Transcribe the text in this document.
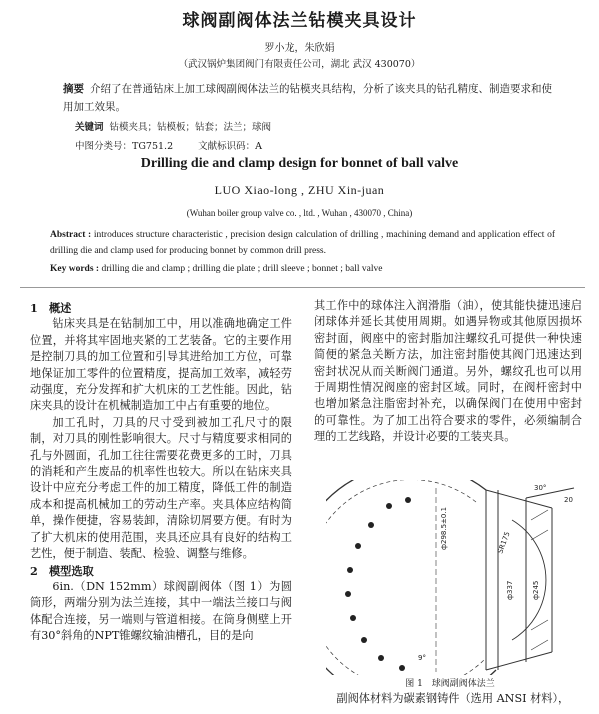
球阀副阀体法兰钻模夹具设计
罗小龙，朱欣娟
（武汉锅炉集团阀门有限责任公司，湖北 武汉 430070）
摘要 介绍了在普通钻床上加工球阀副阀体法兰的钻模夹具结构，分析了该夹具的钻孔精度、制造要求和使用加工效果。
关键词 钻模夹具；钻模板；钻套；法兰；球阀
中图分类号：TG751.2　　	文献标识码：A
Drilling die and clamp design for bonnet of ball valve
LUO Xiao-long , ZHU Xin-juan
(Wuhan boiler group valve co. , ltd. , Wuhan , 430070 , China)
Abstract : introduces structure characteristic , precision design calculation of drilling , machining demand and application effect of drilling die and clamp used for producing bonnet by common drill press.
Key words : drilling die and clamp ; drilling die plate ; drill sleeve ; bonnet ; ball valve
1　概述

钻床夹具是在钻制加工中，用以准确地确定工件位置，并将其牢固地夹紧的工艺装备。它的主要作用是控制刀具的加工位置和引导其进给加工方位，可靠地保证加工零件的位置精度，提高加工效率，减轻劳动强度，充分发挥和扩大机床的工艺性能。因此，钻床夹具的设计在机械制造加工中占有重要的地位。

加工孔时，刀具的尺寸受到被加工孔尺寸的限制，对刀具的刚性影响很大。尺寸与精度要求相同的孔与外圆面，孔加工往往需要花费更多的工时，刀具的消耗和产生废品的机率性也较大。所以在钻床夹具设计中应充分考虑工件的加工精度，降低工件的制造成本和提高机械加工的劳动生产率。夹具体应结构简单，操作便捷，容易装卸，清除切屑要方便。有时为了扩大机床的使用范围，夹具还应具有良好的结构工艺性，便于制造、装配、检验、调整与维修。

2　模型选取

6in.（DN 152mm）球阀副阀体（图 1）为圆筒形，两端分别为法兰连接，其中一端法兰接口与阀体配合连接，另一端则与管道相接。在筒身侧壁上开有30°斜角的NPT锥螺纹输油槽孔，目的是向

其工作中的球体注入润滑脂（油），使其能快捷迅速启闭球体并延长其使用周期。如遇异物或其他原因损坏密封面，阀座中的密封脂加注螺纹孔可提供一种快速简便的紧急关断方法，加注密封脂使其阀门迅速达到密封状况从而关断阀门通道。另外，螺纹孔也可以用于周期性情况阀座的密封区域。同时，在阀杆密封中也增加紧急注脂密封补充，以确保阀门在使用中密封的可靠性。为了加工出符合要求的零件，必须编制合理的工艺线路，并设计必要的工装夹具。

ф298.5±0.1
ф337	ф245
SR175
30°
9°
20
图 1　球阀副阀体法兰
副阀体材料为碳素钢铸件（选用 ANSI 材料），
